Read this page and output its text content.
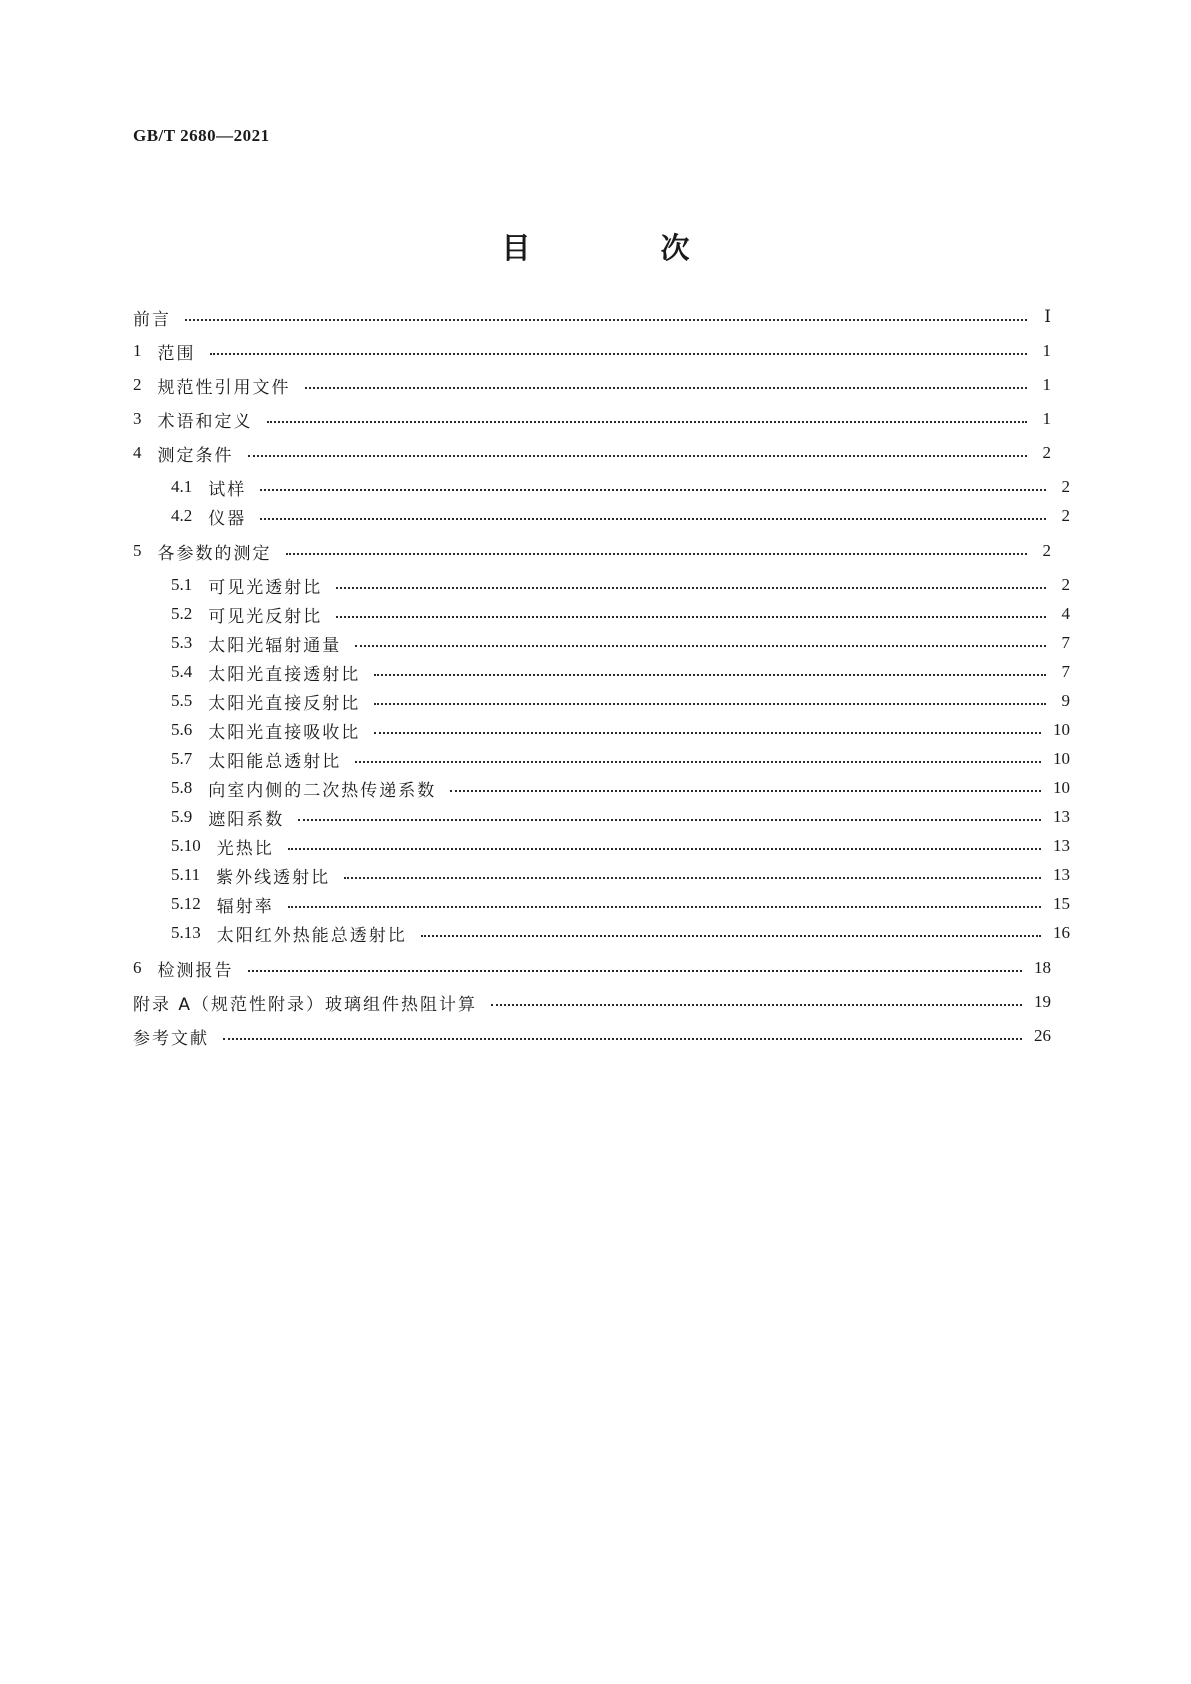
GB/T 2680—2021
目 次
前言	Ⅰ
1 范围	1
2 规范性引用文件	1
3 术语和定义	1
4 测定条件	2
4.1 试样	2
4.2 仪器	2
5 各参数的测定	2
5.1 可见光透射比	2
5.2 可见光反射比	4
5.3 太阳光辐射通量	7
5.4 太阳光直接透射比	7
5.5 太阳光直接反射比	9
5.6 太阳光直接吸收比	10
5.7 太阳能总透射比	10
5.8 向室内侧的二次热传递系数	10
5.9 遮阳系数	13
5.10 光热比	13
5.11 紫外线透射比	13
5.12 辐射率	15
5.13 太阳红外热能总透射比	16
6 检测报告	18
附录 A（规范性附录）玻璃组件热阻计算	19
参考文献	26
